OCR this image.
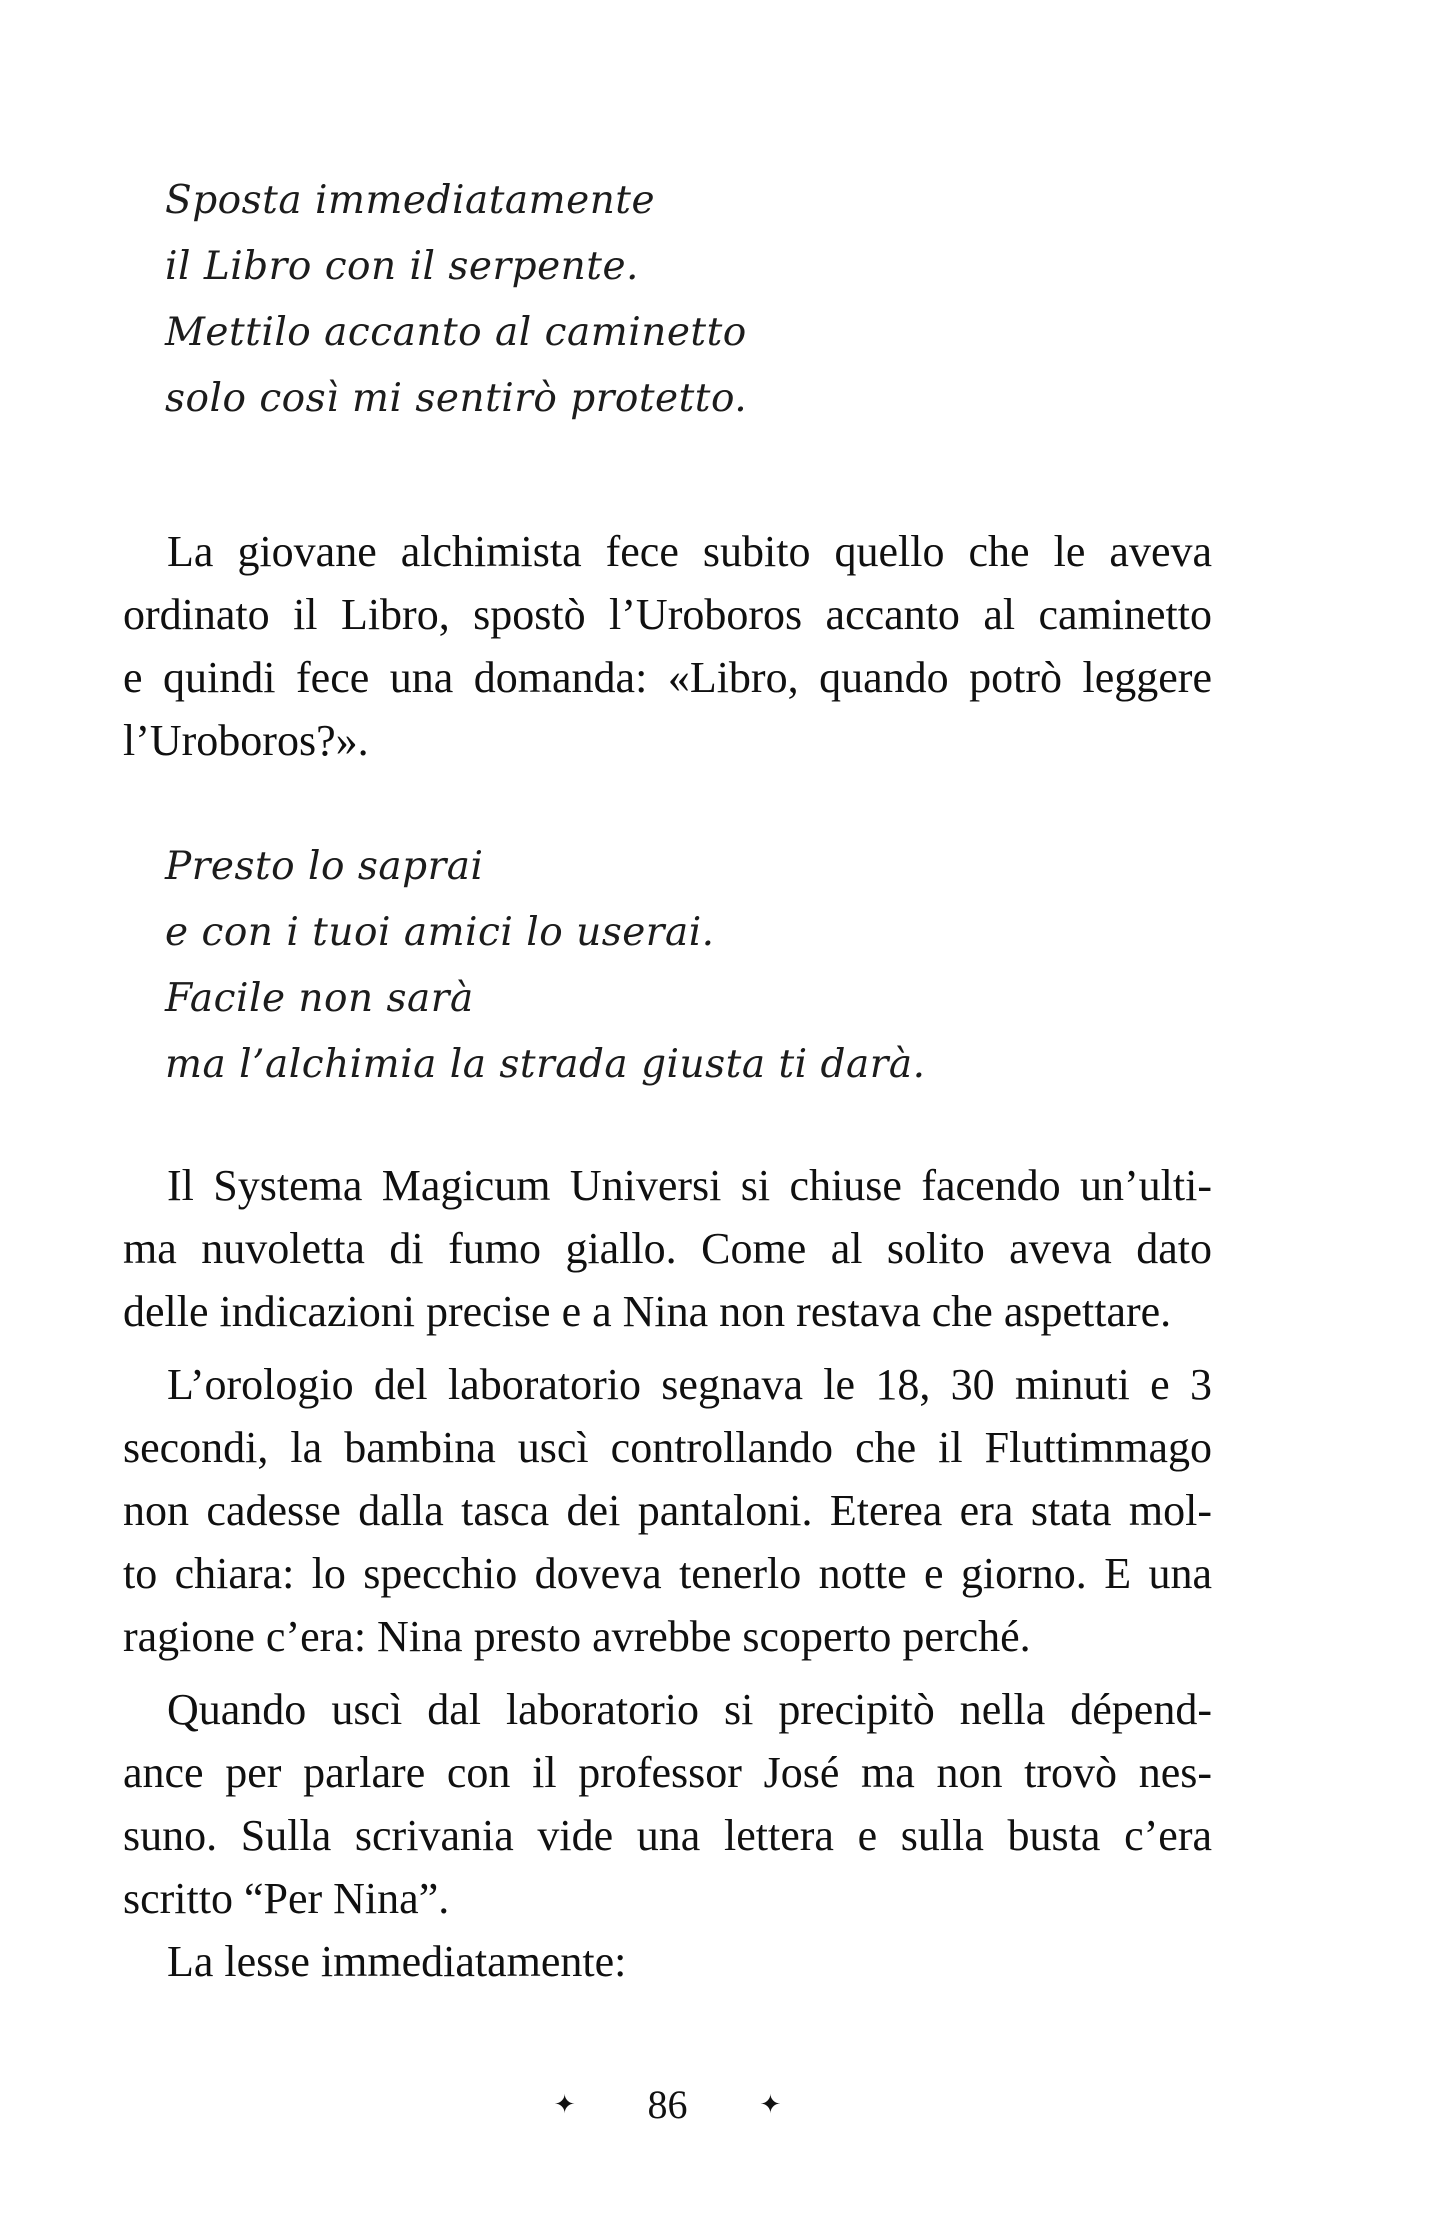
Sposta immediatamente
il Libro con il serpente.
Mettilo accanto al caminetto
solo così mi sentirò protetto.
La giovane alchimista fece subito quello che le aveva
ordinato il Libro, spostò l’Uroboros accanto al caminetto
e quindi fece una domanda: «Libro, quando potrò leggere
l’Uroboros?».
Presto lo saprai
e con i tuoi amici lo userai.
Facile non sarà
ma l’alchimia la strada giusta ti darà.
Il Systema Magicum Universi si chiuse facendo un’ulti-
ma nuvoletta di fumo giallo. Come al solito aveva dato
delle indicazioni precise e a Nina non restava che aspettare.
L’orologio del laboratorio segnava le 18, 30 minuti e 3
secondi, la bambina uscì controllando che il Fluttimmago
non cadesse dalla tasca dei pantaloni. Eterea era stata mol-
to chiara: lo specchio doveva tenerlo notte e giorno. E una
ragione c’era: Nina presto avrebbe scoperto perché.
Quando uscì dal laboratorio si precipitò nella dépend-
ance per parlare con il professor José ma non trovò nes-
suno. Sulla scrivania vide una lettera e sulla busta c’era
scritto “Per Nina”.
La lesse immediatamente:
✦ 86	✦
